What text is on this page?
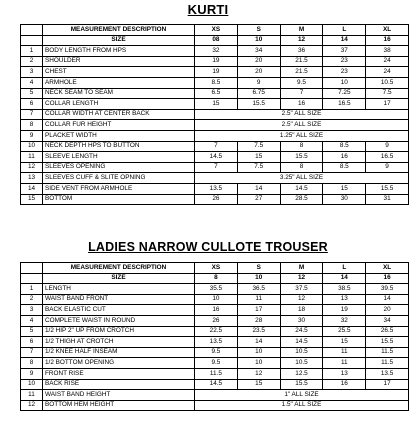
KURTI
	MEASUREMENT DESCRIPTION	XS	S	M	L	XL
	SIZE	08	10	12	14	16
1	BODY LENGTH FROM HPS	32	34	36	37	38
2	SHOULDER	19	20	21.5	23	24
3	CHEST	19	20	21.5	23	24
4	ARMHOLE	8.5	9	9.5	10	10.5
5	NECK SEAM TO SEAM	6.5	6.75	7	7.25	7.5
6	COLLAR LENGTH	15	15.5	16	16.5	17
7	COLLAR WIDTH AT CENTER BACK	2.5" ALL SIZE				
8	COLLAR FUR HEIGHT	2.5" ALL SIZE				
9	PLACKET WIDTH	1.25" ALL SIZE				
10	NECK DEPTH HPS TO BUTTON	7	7.5	8	8.5	9
11	SLEEVE LENGTH	14.5	15	15.5	16	16.5
12	SLEEVES OPENING	7	7.5	8	8.5	9
13	SLEEVES CUFF & SLITE OPNING	3.25" ALL SIZE				
14	SIDE VENT FROM ARMHOLE	13.5	14	14.5	15	15.5
15	BOTTOM	26	27	28.5	30	31
LADIES NARROW CULLOTE TROUSER
	MEASUREMENT DESCRIPTION	XS	S	M	L	XL
	SIZE	8	10	12	14	16
1	LENGTH	35.5	36.5	37.5	38.5	39.5
2	WAIST BAND FRONT	10	11	12	13	14
3	BACK ELASTIC CUT	16	17	18	19	20
4	COMPLETE WAIST IN ROUND	26	28	30	32	34
5	1/2 HIP 2" UP FROM CROTCH	22.5	23.5	24.5	25.5	26.5
6	1/2 THIGH AT CROTCH	13.5	14	14.5	15	15.5
7	1/2 KNEE HALF INSEAM	9.5	10	10.5	11	11.5
8	1/2 BOTTOM OPENING	9.5	10	10.5	11	11.5
9	FRONT RISE	11.5	12	12.5	13	13.5
10	BACK RISE	14.5	15	15.5	16	17
11	WAIST BAND HEIGHT	1" ALL SIZE				
12	BOTTOM HEM HEIGHT	1.5" ALL SIZE				
